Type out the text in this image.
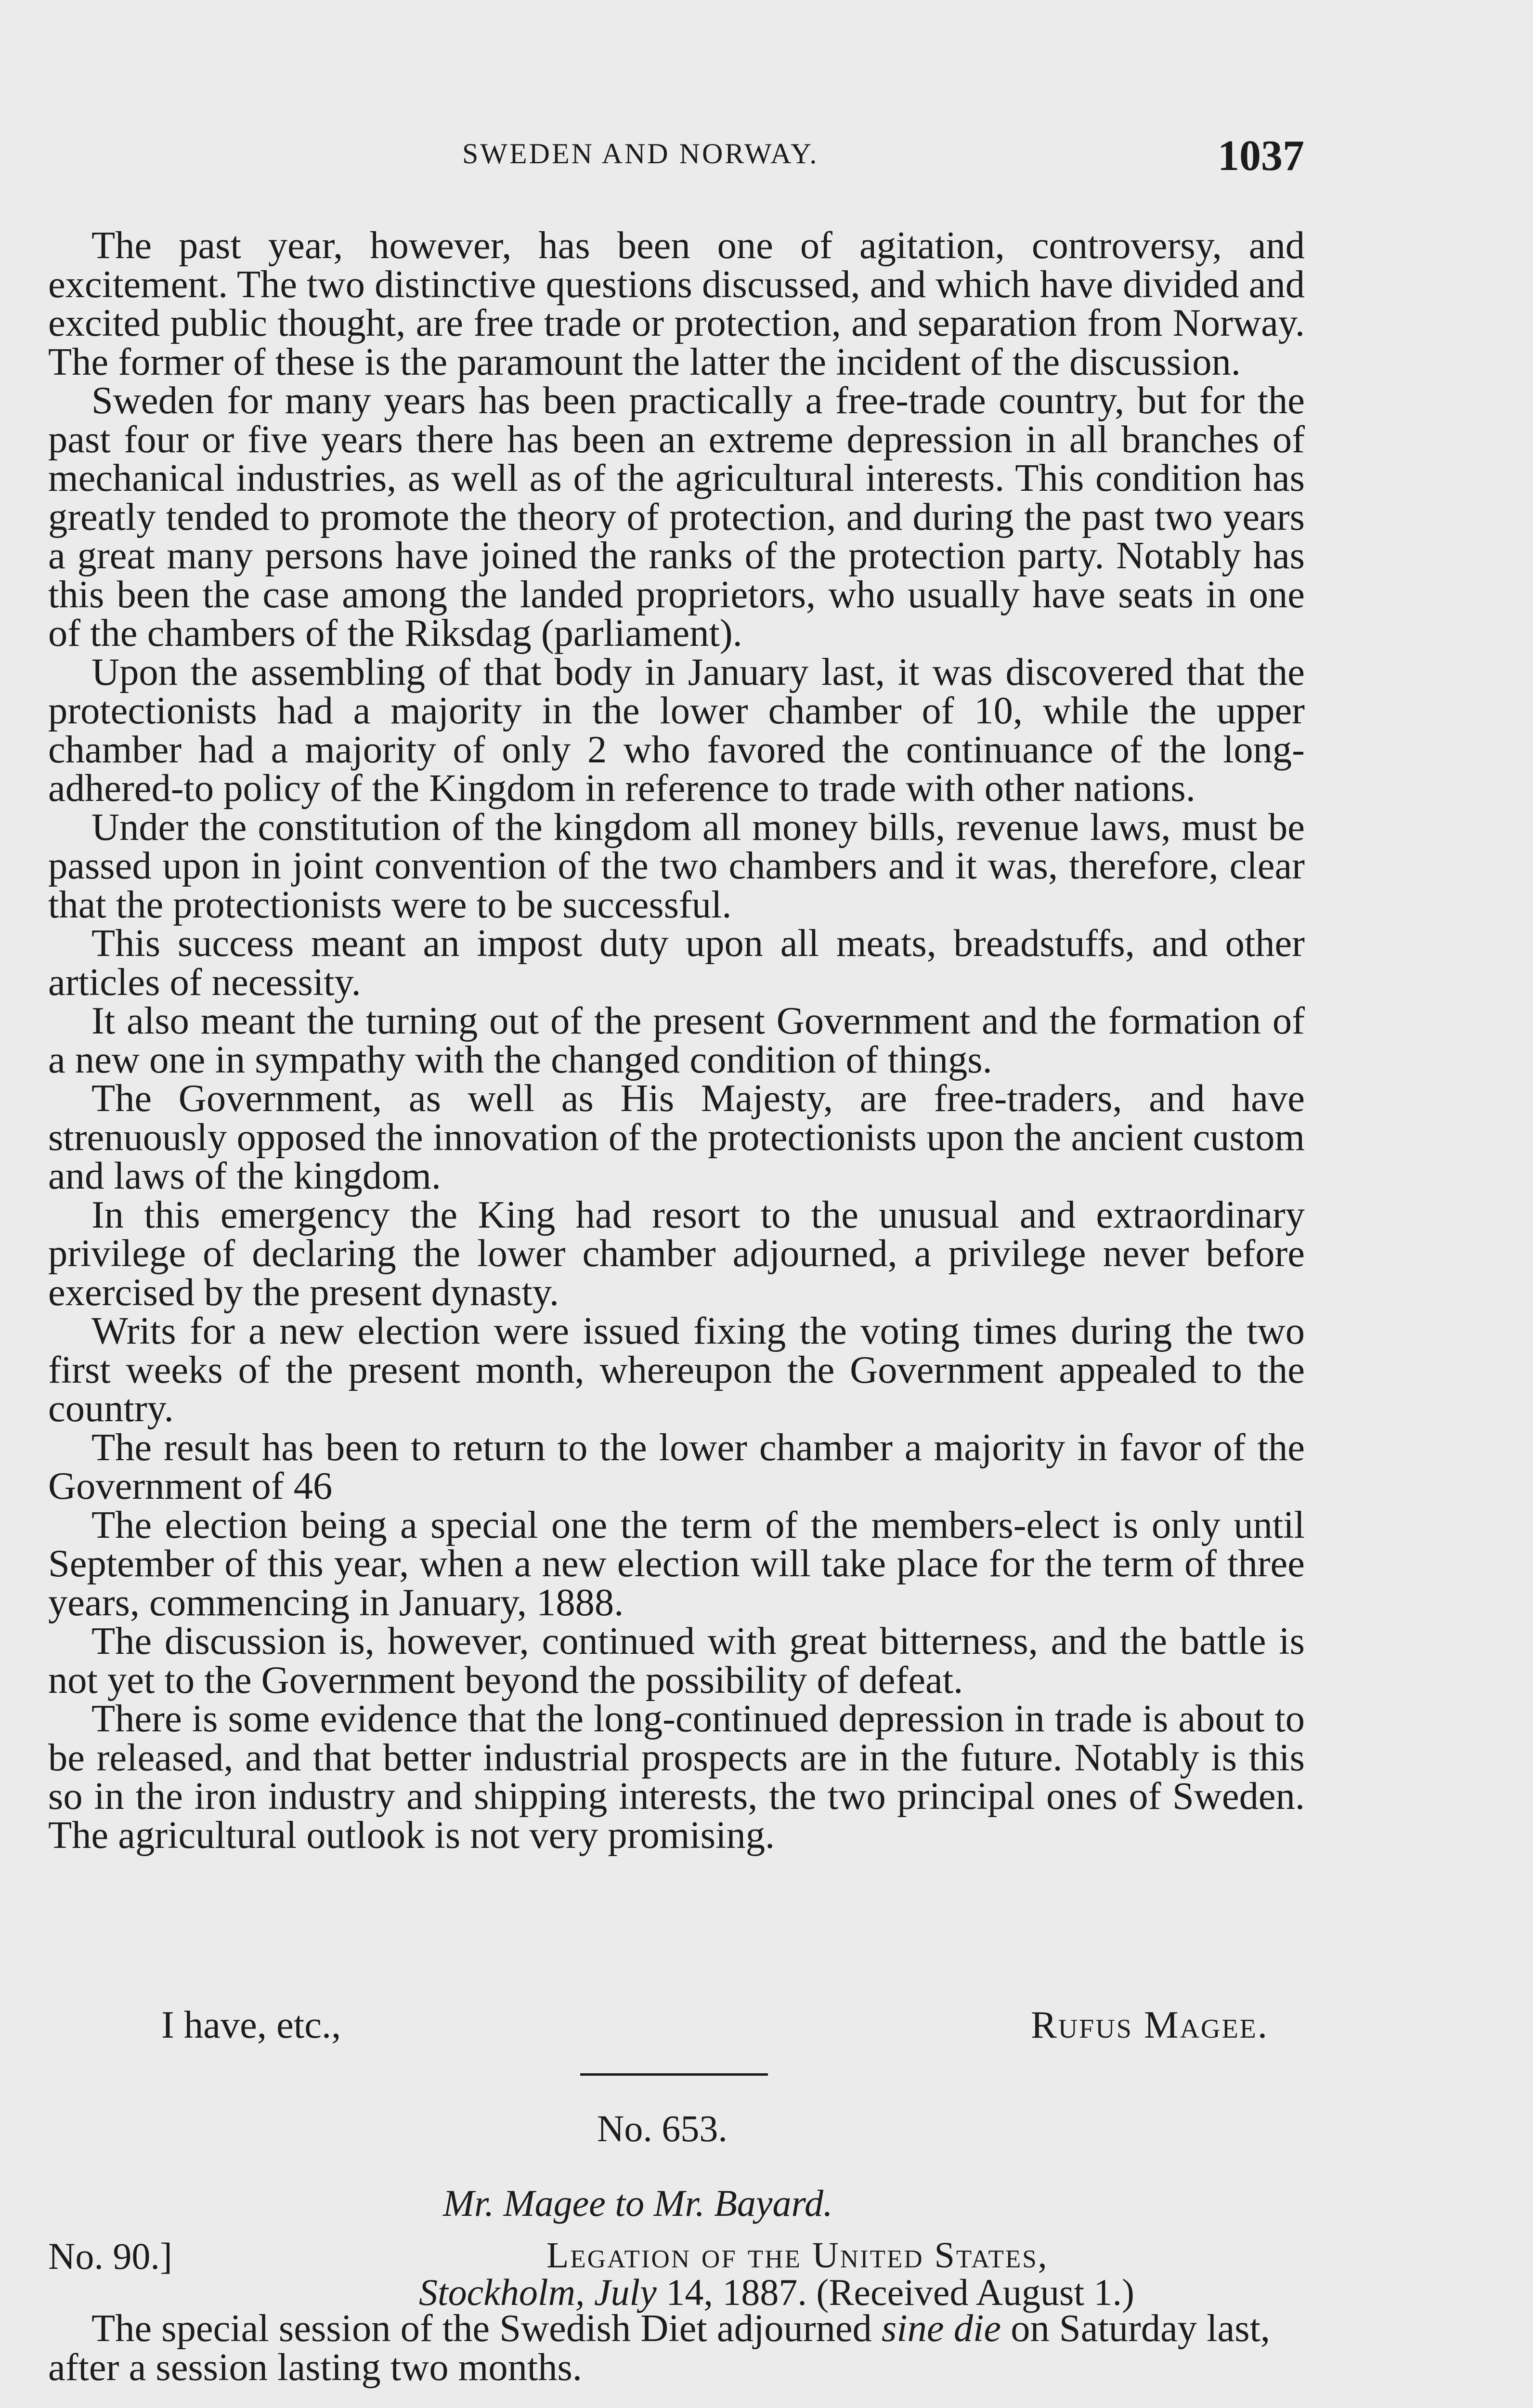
SWEDEN AND NORWAY.	1037

The past year, however, has been one of agitation, controversy, and excitement. The two distinctive questions discussed, and which have divided and excited public thought, are free trade or protection, and separation from Norway. The former of these is the paramount the latter the incident of the discussion.

Sweden for many years has been practically a free-trade country, but for the past four or five years there has been an extreme depression in all branches of mechanical industries, as well as of the agricultural interests. This condition has greatly tended to promote the theory of protection, and during the past two years a great many persons have joined the ranks of the protection party. Notably has this been the case among the landed proprietors, who usually have seats in one of the chambers of the Riksdag (parliament).

Upon the assembling of that body in January last, it was discovered that the protectionists had a majority in the lower chamber of 10, while the upper chamber had a majority of only 2 who favored the continuance of the long-adhered-to policy of the Kingdom in reference to trade with other nations.

Under the constitution of the kingdom all money bills, revenue laws, must be passed upon in joint convention of the two chambers and it was, therefore, clear that the protectionists were to be successful.

This success meant an impost duty upon all meats, breadstuffs, and other articles of necessity.

It also meant the turning out of the present Government and the formation of a new one in sympathy with the changed condition of things.

The Government, as well as His Majesty, are free-traders, and have strenuously opposed the innovation of the protectionists upon the ancient custom and laws of the kingdom.

In this emergency the King had resort to the unusual and extraordinary privilege of declaring the lower chamber adjourned, a privilege never before exercised by the present dynasty.

Writs for a new election were issued fixing the voting times during the two first weeks of the present month, whereupon the Government appealed to the country.

The result has been to return to the lower chamber a majority in favor of the Government of 46

The election being a special one the term of the members-elect is only until September of this year, when a new election will take place for the term of three years, commencing in January, 1888.

The discussion is, however, continued with great bitterness, and the battle is not yet to the Government beyond the possibility of defeat.

There is some evidence that the long-continued depression in trade is about to be released, and that better industrial prospects are in the future. Notably is this so in the iron industry and shipping interests, the two principal ones of Sweden. The agricultural outlook is not very promising.

I have, etc.,	Rufus Magee.
No. 653.
Mr. Magee to Mr. Bayard.
No. 90.]	Legation of the United States,
Stockholm, July 14, 1887. (Received August 1.)
The special session of the Swedish Diet adjourned sine die on Saturday last, after a session lasting two months.
